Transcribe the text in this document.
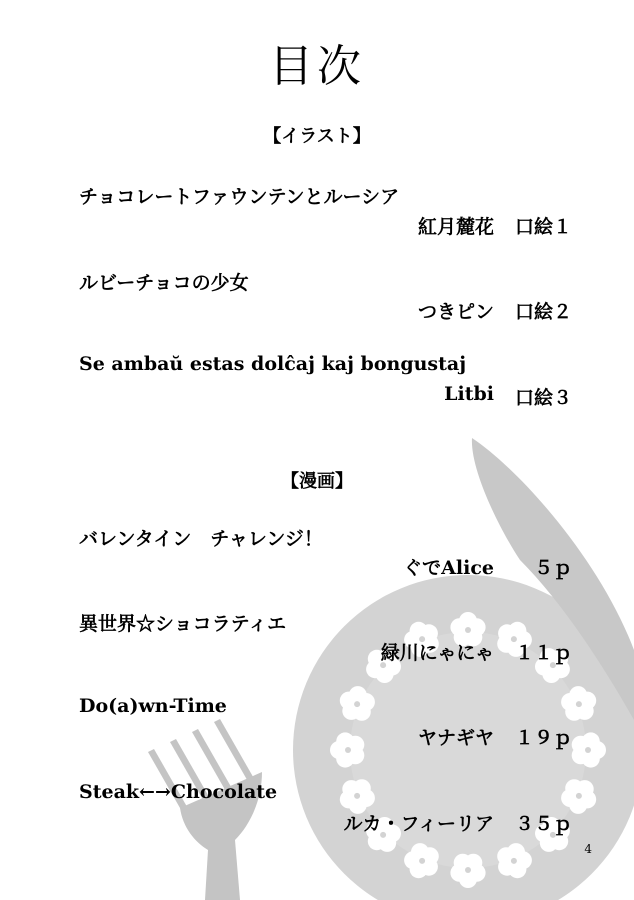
目次
【イラスト】
チョコレートファウンテンとルーシア
紅月麓花	口絵１
ルビーチョコの少女
つきピン	口絵２
Se ambaŭ estas dolĉaj kaj bongustaj
Litbi	口絵３
【漫画】
バレンタイン　チャレンジ！
ぐでAlice	５ｐ
異世界☆ショコラティエ
緑川にゃにゃ	１１ｐ
Do(a)wn-Time
ヤナギヤ	１９ｐ
Steak←→Chocolate
ルカ・フィーリア	３５ｐ
4
